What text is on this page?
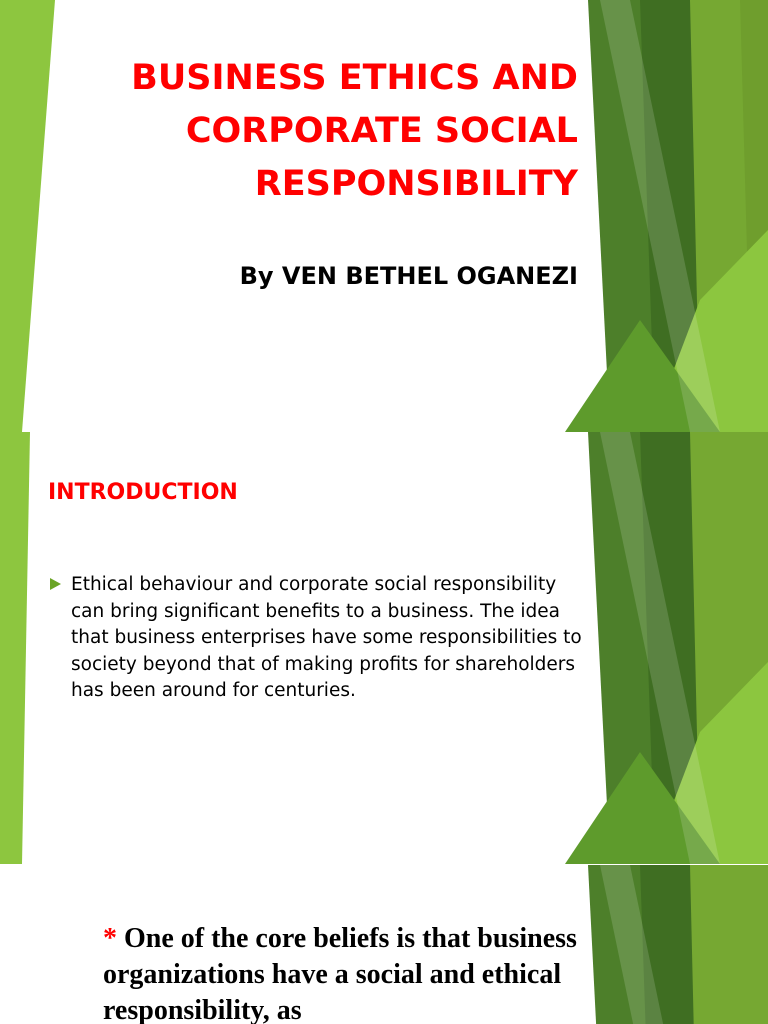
BUSINESS ETHICS AND CORPORATE SOCIAL RESPONSIBILITY

By VEN BETHEL OGANEZI

INTRODUCTION

Ethical behaviour and corporate social responsibility can bring significant benefits to a business. The idea that business enterprises have some responsibilities to society beyond that of making profits for shareholders has been around for centuries.

* One of the core beliefs is that business organizations have a social and ethical responsibility, as
